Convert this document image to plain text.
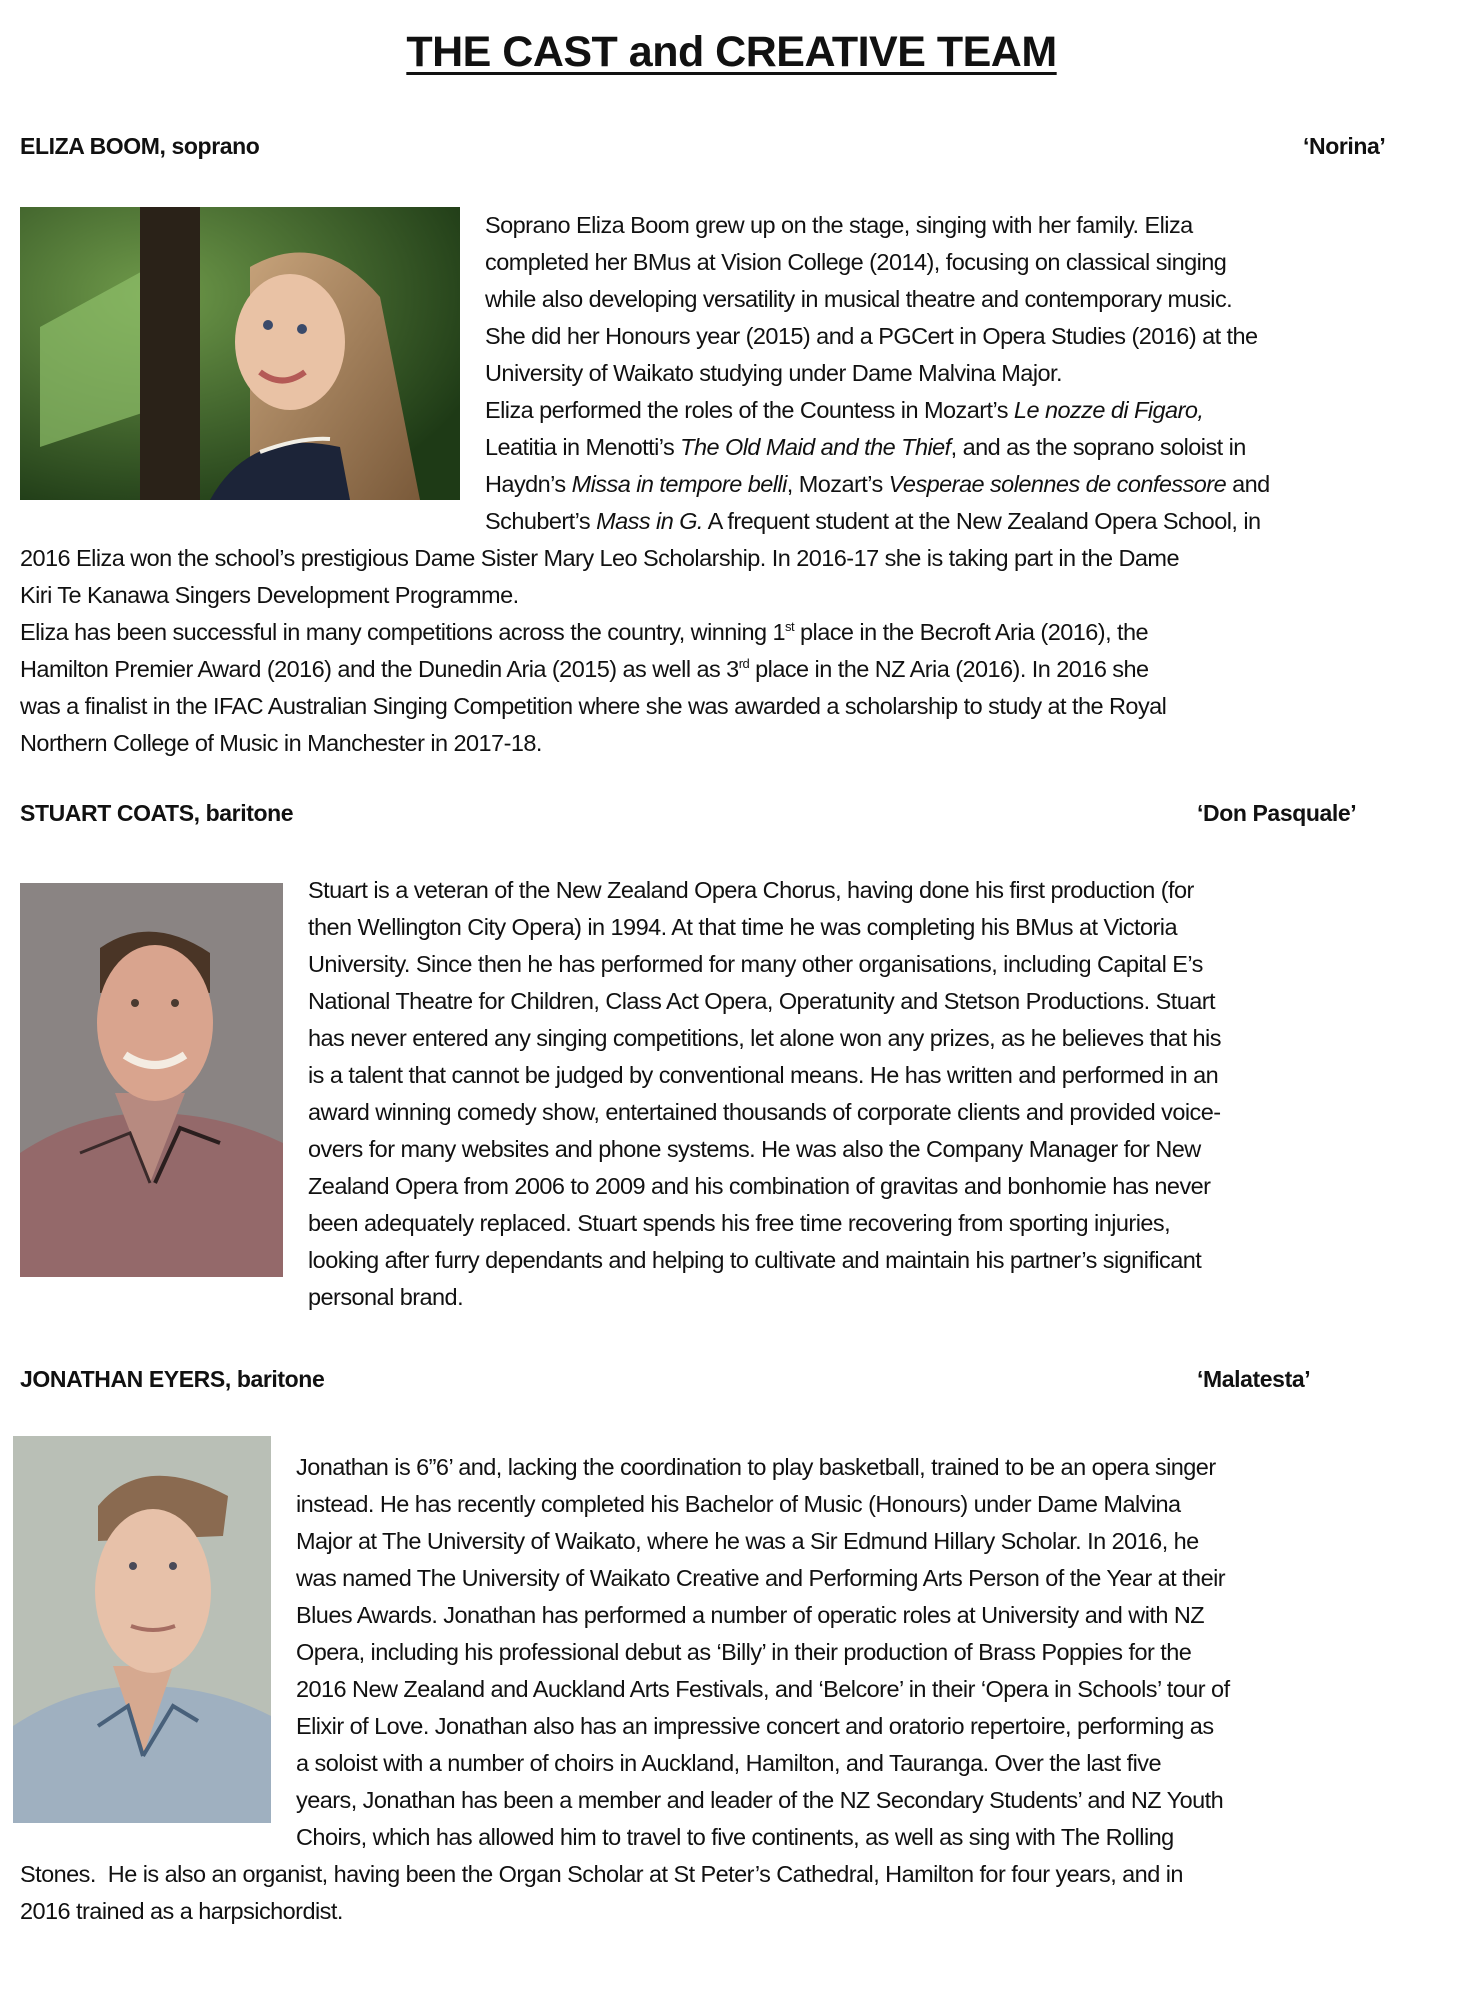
THE CAST and CREATIVE TEAM
ELIZA BOOM, soprano	‘Norina’
Soprano Eliza Boom grew up on the stage, singing with her family. Eliza
completed her BMus at Vision College (2014), focusing on classical singing
while also developing versatility in musical theatre and contemporary music.
She did her Honours year (2015) and a PGCert in Opera Studies (2016) at the
University of Waikato studying under Dame Malvina Major.
Eliza performed the roles of the Countess in Mozart’s Le nozze di Figaro,
Leatitia in Menotti’s The Old Maid and the Thief, and as the soprano soloist in
Haydn’s Missa in tempore belli, Mozart’s Vesperae solennes de confessore and
Schubert’s Mass in G. A frequent student at the New Zealand Opera School, in
2016 Eliza won the school’s prestigious Dame Sister Mary Leo Scholarship. In 2016-17 she is taking part in the Dame
Kiri Te Kanawa Singers Development Programme.
Eliza has been successful in many competitions across the country, winning 1st place in the Becroft Aria (2016), the
Hamilton Premier Award (2016) and the Dunedin Aria (2015) as well as 3rd place in the NZ Aria (2016). In 2016 she
was a finalist in the IFAC Australian Singing Competition where she was awarded a scholarship to study at the Royal
Northern College of Music in Manchester in 2017-18.
STUART COATS, baritone	‘Don Pasquale’
Stuart is a veteran of the New Zealand Opera Chorus, having done his first production (for
then Wellington City Opera) in 1994. At that time he was completing his BMus at Victoria
University. Since then he has performed for many other organisations, including Capital E’s
National Theatre for Children, Class Act Opera, Operatunity and Stetson Productions. Stuart
has never entered any singing competitions, let alone won any prizes, as he believes that his
is a talent that cannot be judged by conventional means. He has written and performed in an
award winning comedy show, entertained thousands of corporate clients and provided voice-
overs for many websites and phone systems. He was also the Company Manager for New
Zealand Opera from 2006 to 2009 and his combination of gravitas and bonhomie has never
been adequately replaced. Stuart spends his free time recovering from sporting injuries,
looking after furry dependants and helping to cultivate and maintain his partner’s significant
personal brand.
JONATHAN EYERS, baritone	‘Malatesta’
Jonathan is 6”6’ and, lacking the coordination to play basketball, trained to be an opera singer
instead. He has recently completed his Bachelor of Music (Honours) under Dame Malvina
Major at The University of Waikato, where he was a Sir Edmund Hillary Scholar. In 2016, he
was named The University of Waikato Creative and Performing Arts Person of the Year at their
Blues Awards. Jonathan has performed a number of operatic roles at University and with NZ
Opera, including his professional debut as ‘Billy’ in their production of Brass Poppies for the
2016 New Zealand and Auckland Arts Festivals, and ‘Belcore’ in their ‘Opera in Schools’ tour of
Elixir of Love. Jonathan also has an impressive concert and oratorio repertoire, performing as
a soloist with a number of choirs in Auckland, Hamilton, and Tauranga. Over the last five
years, Jonathan has been a member and leader of the NZ Secondary Students’ and NZ Youth
Choirs, which has allowed him to travel to five continents, as well as sing with The Rolling
Stones.  He is also an organist, having been the Organ Scholar at St Peter’s Cathedral, Hamilton for four years, and in
2016 trained as a harpsichordist.
